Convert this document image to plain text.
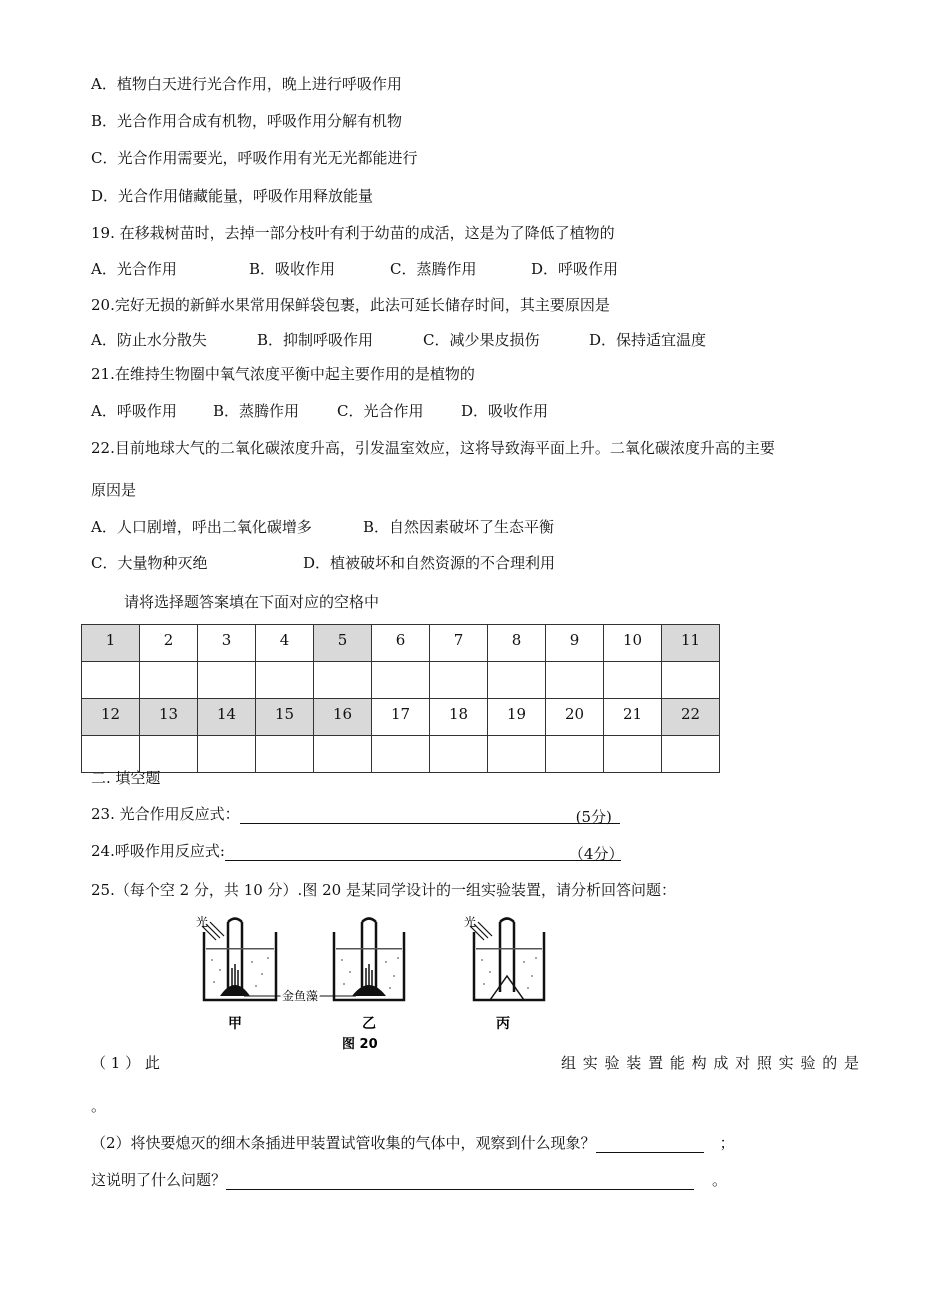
A．植物白天进行光合作用，晚上进行呼吸作用
B．光合作用合成有机物，呼吸作用分解有机物
C．光合作用需要光，呼吸作用有光无光都能进行
D．光合作用储藏能量，呼吸作用释放能量
19. 在移栽树苗时，去掉一部分枝叶有利于幼苗的成活，这是为了降低了植物的
A．光合作用	B．吸收作用	C．蒸腾作用	D．呼吸作用
20.完好无损的新鲜水果常用保鲜袋包裹，此法可延长储存时间，其主要原因是
A．防止水分散失	B．抑制呼吸作用	C．减少果皮损伤	D．保持适宜温度
21.在维持生物圈中氧气浓度平衡中起主要作用的是植物的
A．呼吸作用 B．蒸腾作用	C．光合作用	D．吸收作用
22.目前地球大气的二氧化碳浓度升高，引发温室效应，这将导致海平面上升。二氧化碳浓度升高的主要
原因是
A．人口剧增，呼出二氧化碳增多	B．自然因素破坏了生态平衡
C．大量物种灭绝	D．植被破坏和自然资源的不合理利用
请将选择题答案填在下面对应的空格中
1	2	3	4	5	6	7	8	9	10	11

12	13	14	15	16	17	18	19	20	21	22

二. 填空题
23. 光合作用反应式：	(5分)
24.呼吸作用反应式:	（4分）
25.（每个空 2 分，共 10 分）.图 20 是某同学设计的一组实验装置，请分析回答问题：
光	光
金鱼藻
甲	乙	丙
图 20
（ 1 ） 此	组 实 验 装 置 能 构 成 对 照 实 验 的 是
。
（2）将快要熄灭的细木条插进甲装置试管收集的气体中，观察到什么现象？	；
这说明了什么问题？	。
